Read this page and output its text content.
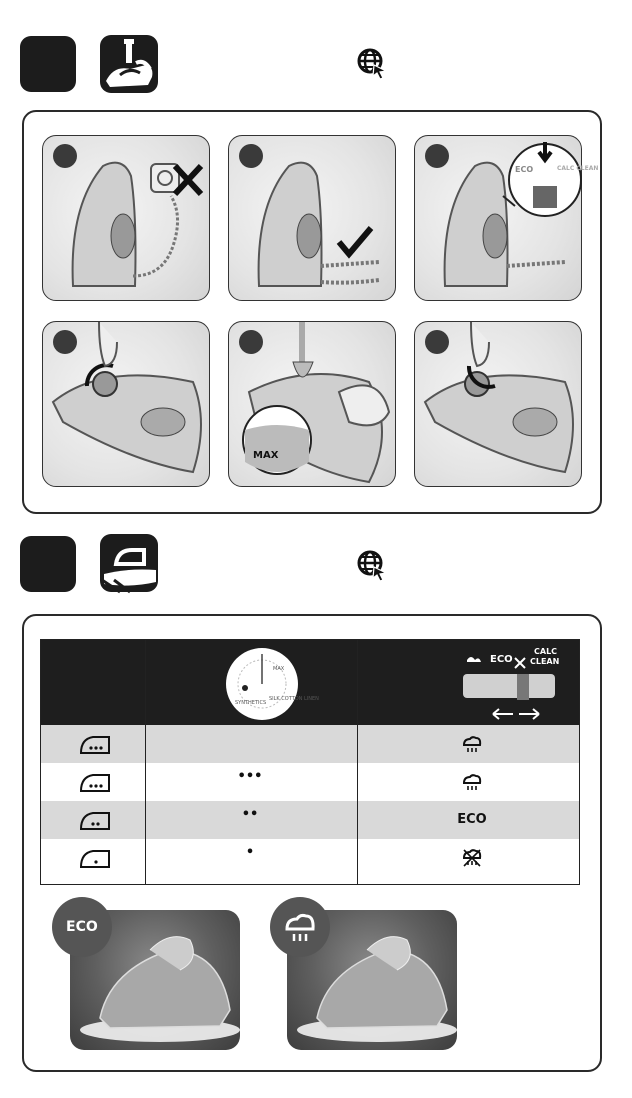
ECO	CALC CLEAN
MAX
SYNTHETICS
MAX
SILK COTTON LINEN
ECO
CALC
CLEAN
•••
••	ECO
•
ECO
